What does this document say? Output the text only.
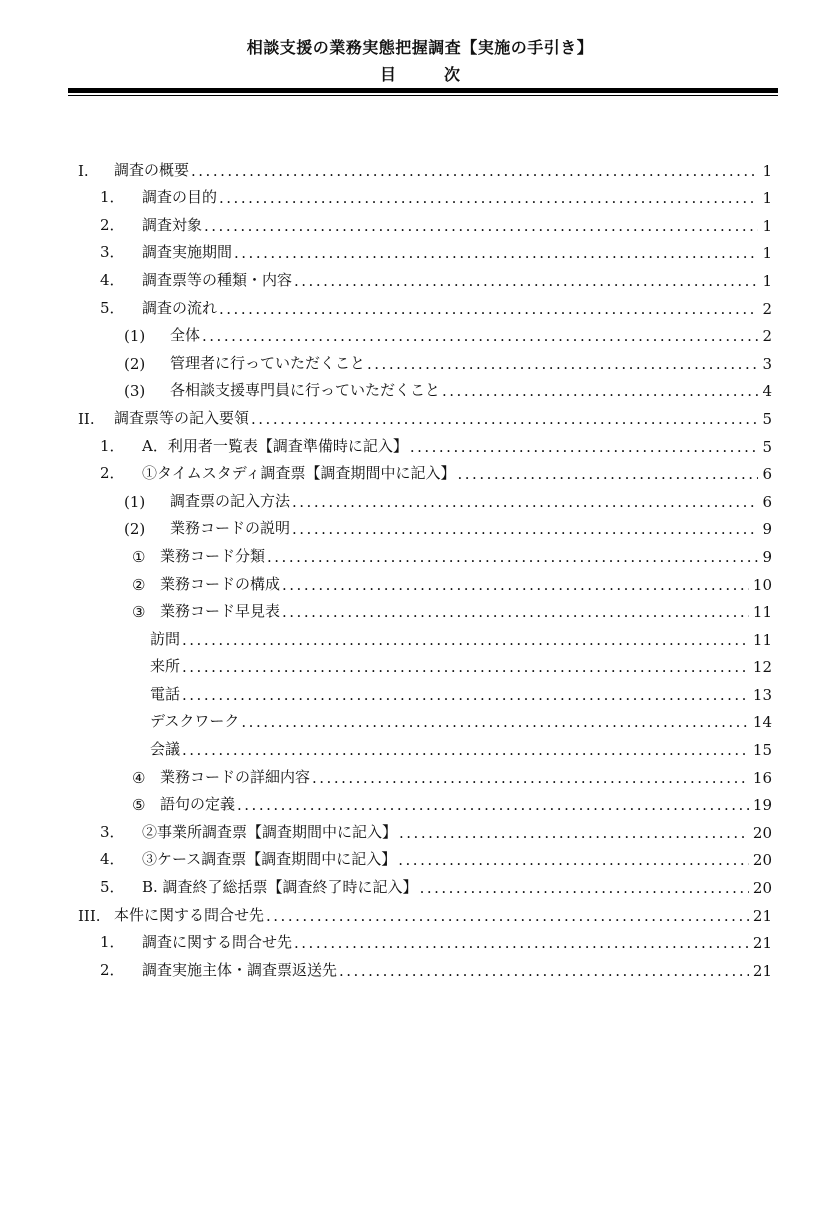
相談支援の業務実態把握調査【実施の手引き】
目	次
I.	調査の概要 .....	1
1．	調査の目的 .....	1
2．	調査対象 .....	1
3．	調査実施期間 .....	1
4．	調査票等の種類・内容 .....	1
5．	調査の流れ .....	2
(1)	全体 .....	2
(2)	管理者に行っていただくこと .....	3
(3)	各相談支援専門員に行っていただくこと .....	4
II.	調査票等の記入要領 .....	5
1．	A．利用者一覧表【調査準備時に記入】 .....	5
2．	①タイムスタディ調査票【調査期間中に記入】 .....	6
(1)	調査票の記入方法 .....	6
(2)	業務コードの説明 .....	9
① 業務コード分類 .....	9
② 業務コードの構成 .....	10
③ 業務コード早見表 .....	11
訪問 .....	11
来所 .....	12
電話 .....	13
デスクワーク .....	14
会議 .....	15
④ 業務コードの詳細内容 .....	16
⑤ 語句の定義 .....	19
3．	②事業所調査票【調査期間中に記入】 .....	20
4．	③ケース調査票【調査期間中に記入】 .....	20
5．	B. 調査終了総括票【調査終了時に記入】 .....	20
III. 本件に関する問合せ先 .....	21
1．	調査に関する問合せ先 .....	21
2．	調査実施主体・調査票返送先 .....	21
